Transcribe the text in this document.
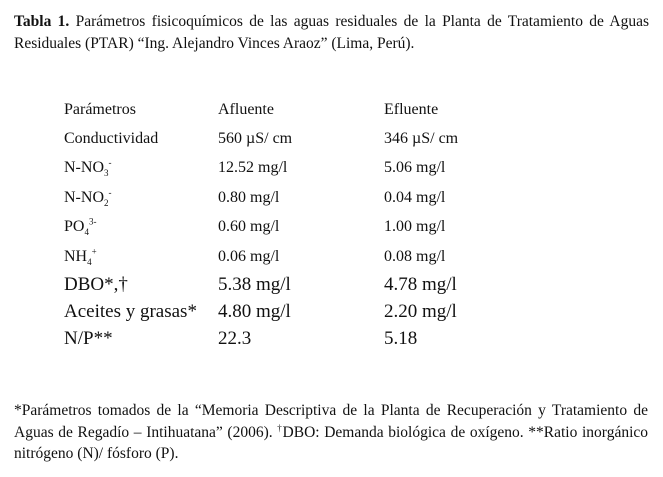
Tabla 1. Parámetros fisicoquímicos de las aguas residuales de la Planta de Tratamiento de Aguas Residuales (PTAR) “Ing. Alejandro Vinces Araoz” (Lima, Perú).
Parámetros	Afluente	Efluente
Conductividad	560 µS/ cm	346 µS/ cm
$N-NO_3^-$	12.52 mg/l	5.06 mg/l
$N-NO_2^-$	0.80 mg/l	0.04 mg/l
$PO_4^{3-}$	0.60 mg/l	1.00 mg/l
$NH_4^+$	0.06 mg/l	0.08 mg/l
DBO*,†	5.38 mg/l	4.78 mg/l
Aceites y grasas*	4.80 mg/l	2.20 mg/l
N/P**	22.3	5.18
*Parámetros tomados de la “Memoria Descriptiva de la Planta de Recuperación y Tratamiento de Aguas de Regadío – Intihuatana” (2006). †DBO: Demanda biológica de oxígeno. **Ratio inorgánico nitrógeno (N)/ fósforo (P).
